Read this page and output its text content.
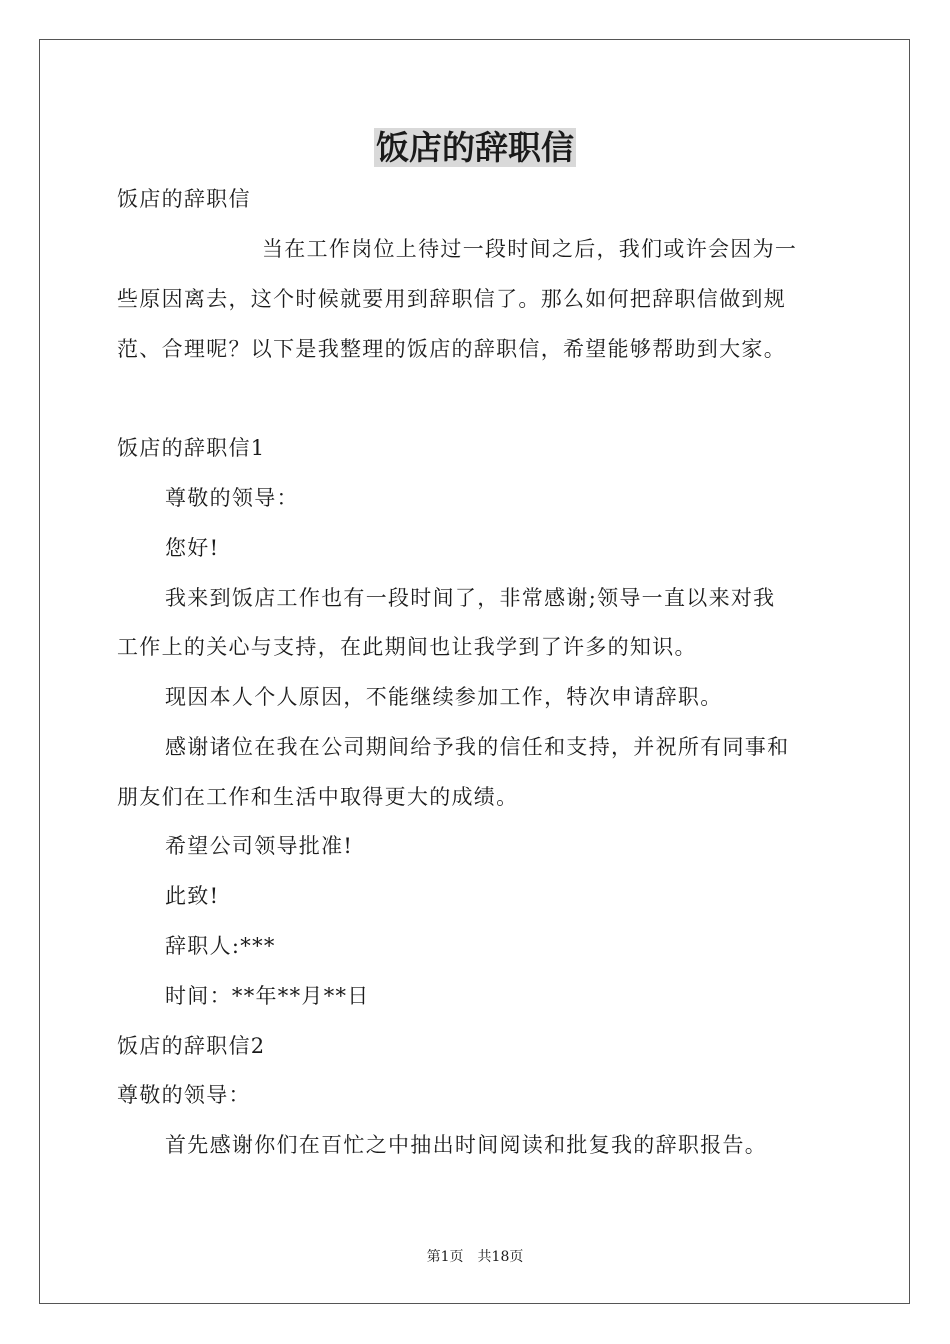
饭店的辞职信
饭店的辞职信
当在工作岗位上待过一段时间之后，我们或许会因为一
些原因离去，这个时候就要用到辞职信了。那么如何把辞职信做到规
范、合理呢？以下是我整理的饭店的辞职信，希望能够帮助到大家。
饭店的辞职信1
尊敬的领导：
您好!
我来到饭店工作也有一段时间了，非常感谢;领导一直以来对我
工作上的关心与支持，在此期间也让我学到了许多的知识。
现因本人个人原因，不能继续参加工作，特次申请辞职。
感谢诸位在我在公司期间给予我的信任和支持，并祝所有同事和
朋友们在工作和生活中取得更大的成绩。
希望公司领导批准!
此致!
辞职人:***
时间：**年**月**日
饭店的辞职信2
尊敬的领导：
首先感谢你们在百忙之中抽出时间阅读和批复我的辞职报告。
第1页 共18页
